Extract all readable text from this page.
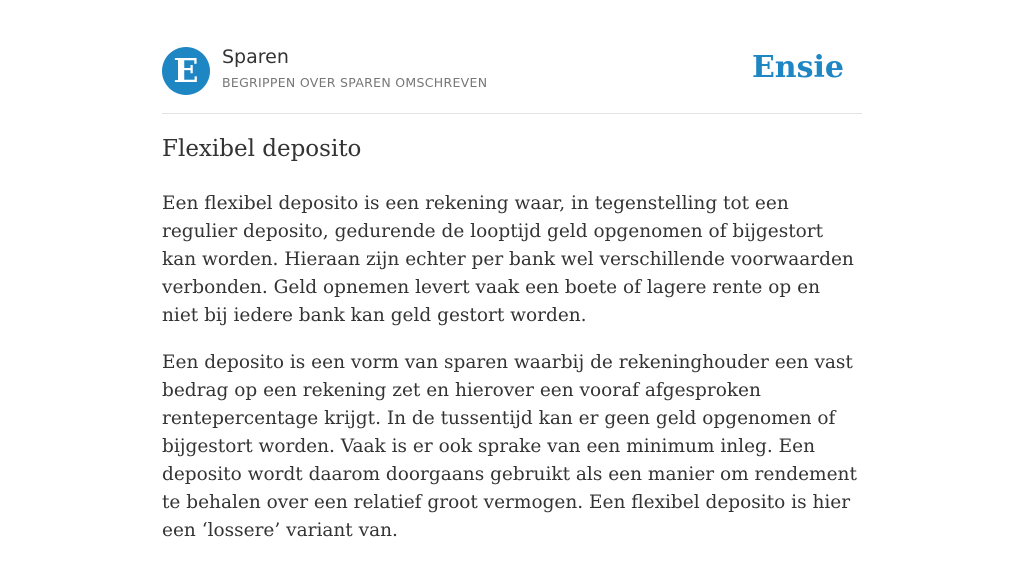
E	Sparen
BEGRIPPEN OVER SPAREN OMSCHREVEN	Ensie
Flexibel deposito

Een flexibel deposito is een rekening waar, in tegenstelling tot een regulier deposito, gedurende de looptijd geld opgenomen of bijgestort kan worden. Hieraan zijn echter per bank wel verschillende voorwaarden verbonden. Geld opnemen levert vaak een boete of lagere rente op en niet bij iedere bank kan geld gestort worden.

Een deposito is een vorm van sparen waarbij de rekeninghouder een vast bedrag op een rekening zet en hierover een vooraf afgesproken rentepercentage krijgt. In de tussentijd kan er geen geld opgenomen of bijgestort worden. Vaak is er ook sprake van een minimum inleg. Een deposito wordt daarom doorgaans gebruikt als een manier om rendement te behalen over een relatief groot vermogen. Een flexibel deposito is hier een ‘lossere’ variant van.
